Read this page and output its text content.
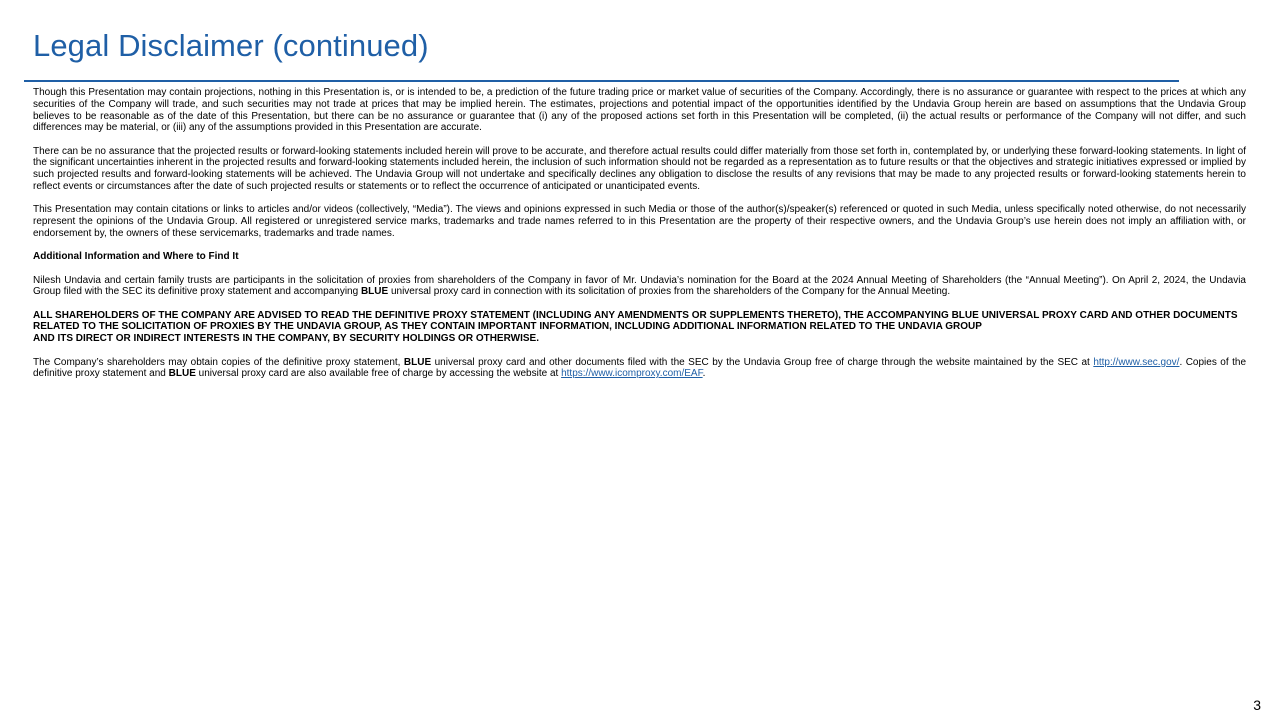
Legal Disclaimer (continued)

Though this Presentation may contain projections, nothing in this Presentation is, or is intended to be, a prediction of the future trading price or market value of securities of the Company. Accordingly, there is no assurance or guarantee with respect to the prices at which any securities of the Company will trade, and such securities may not trade at prices that may be implied herein. The estimates, projections and potential impact of the opportunities identified by the Undavia Group herein are based on assumptions that the Undavia Group believes to be reasonable as of the date of this Presentation, but there can be no assurance or guarantee that (i) any of the proposed actions set forth in this Presentation will be completed, (ii) the actual results or performance of the Company will not differ, and such differences may be material, or (iii) any of the assumptions provided in this Presentation are accurate.

There can be no assurance that the projected results or forward-looking statements included herein will prove to be accurate, and therefore actual results could differ materially from those set forth in, contemplated by, or underlying these forward-looking statements. In light of the significant uncertainties inherent in the projected results and forward-looking statements included herein, the inclusion of such information should not be regarded as a representation as to future results or that the objectives and strategic initiatives expressed or implied by such projected results and forward-looking statements will be achieved. The Undavia Group will not undertake and specifically declines any obligation to disclose the results of any revisions that may be made to any projected results or forward-looking statements herein to reflect events or circumstances after the date of such projected results or statements or to reflect the occurrence of anticipated or unanticipated events.

This Presentation may contain citations or links to articles and/or videos (collectively, “Media”). The views and opinions expressed in such Media or those of the author(s)/speaker(s) referenced or quoted in such Media, unless specifically noted otherwise, do not necessarily represent the opinions of the Undavia Group. All registered or unregistered service marks, trademarks and trade names referred to in this Presentation are the property of their respective owners, and the Undavia Group’s use herein does not imply an affiliation with, or endorsement by, the owners of these servicemarks, trademarks and trade names.

Additional Information and Where to Find It

Nilesh Undavia and certain family trusts are participants in the solicitation of proxies from shareholders of the Company in favor of Mr. Undavia’s nomination for the Board at the 2024 Annual Meeting of Shareholders (the “Annual Meeting”). On April 2, 2024, the Undavia Group filed with the SEC its definitive proxy statement and accompanying BLUE universal proxy card in connection with its solicitation of proxies from the shareholders of the Company for the Annual Meeting.

ALL SHAREHOLDERS OF THE COMPANY ARE ADVISED TO READ THE DEFINITIVE PROXY STATEMENT (INCLUDING ANY AMENDMENTS OR SUPPLEMENTS THERETO), THE ACCOMPANYING BLUE UNIVERSAL PROXY CARD AND OTHER DOCUMENTS RELATED TO THE SOLICITATION OF PROXIES BY THE UNDAVIA GROUP, AS THEY CONTAIN IMPORTANT INFORMATION, INCLUDING ADDITIONAL INFORMATION RELATED TO THE UNDAVIA GROUP
AND ITS DIRECT OR INDIRECT INTERESTS IN THE COMPANY, BY SECURITY HOLDINGS OR OTHERWISE.

The Company’s shareholders may obtain copies of the definitive proxy statement, BLUE universal proxy card and other documents filed with the SEC by the Undavia Group free of charge through the website maintained by the SEC at http://www.sec.gov/. Copies of the definitive proxy statement and BLUE universal proxy card are also available free of charge by accessing the website at https://www.icomproxy.com/EAF.

3
